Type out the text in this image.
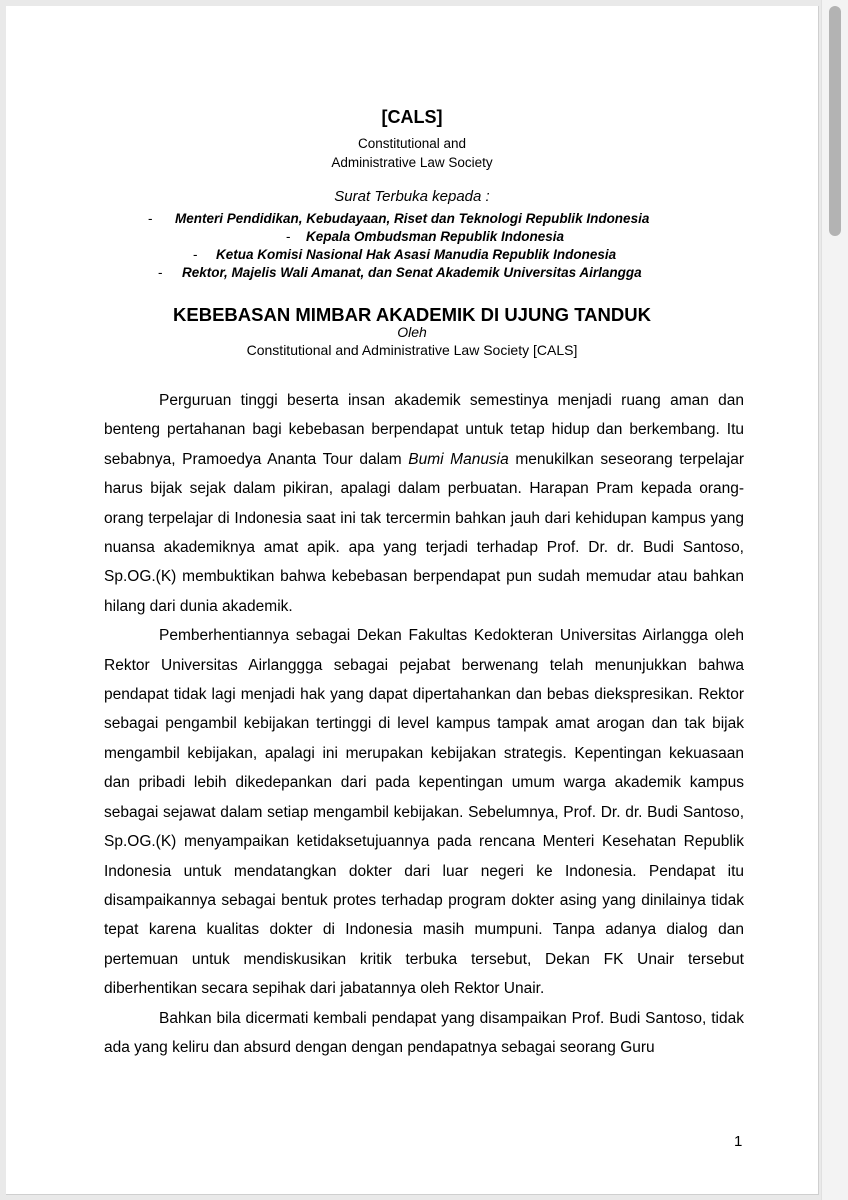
[CALS]
Constitutional and
Administrative Law Society
Surat Terbuka kepada :
- Menteri Pendidikan, Kebudayaan, Riset dan Teknologi Republik Indonesia
- Kepala Ombudsman Republik Indonesia
- Ketua Komisi Nasional Hak Asasi Manudia Republik Indonesia
- Rektor, Majelis Wali Amanat, dan Senat Akademik Universitas Airlangga
KEBEBASAN MIMBAR AKADEMIK DI UJUNG TANDUK
Oleh
Constitutional and Administrative Law Society [CALS]

Perguruan tinggi beserta insan akademik semestinya menjadi ruang aman dan benteng pertahanan bagi kebebasan berpendapat untuk tetap hidup dan berkembang. Itu sebabnya, Pramoedya Ananta Tour dalam Bumi Manusia menukilkan seseorang terpelajar harus bijak sejak dalam pikiran, apalagi dalam perbuatan. Harapan Pram kepada orang-orang terpelajar di Indonesia saat ini tak tercermin bahkan jauh dari kehidupan kampus yang nuansa akademiknya amat apik. apa yang terjadi terhadap Prof. Dr. dr. Budi Santoso, Sp.OG.(K) membuktikan bahwa kebebasan berpendapat pun sudah memudar atau bahkan hilang dari dunia akademik.

Pemberhentiannya sebagai Dekan Fakultas Kedokteran Universitas Airlangga oleh Rektor Universitas Airlanggga sebagai pejabat berwenang telah menunjukkan bahwa pendapat tidak lagi menjadi hak yang dapat dipertahankan dan bebas diekspresikan. Rektor sebagai pengambil kebijakan tertinggi di level kampus tampak amat arogan dan tak bijak mengambil kebijakan, apalagi ini merupakan kebijakan strategis. Kepentingan kekuasaan dan pribadi lebih dikedepankan dari pada kepentingan umum warga akademik kampus sebagai sejawat dalam setiap mengambil kebijakan. Sebelumnya, Prof. Dr. dr. Budi Santoso, Sp.OG.(K) menyampaikan ketidaksetujuannya pada rencana Menteri Kesehatan Republik Indonesia untuk mendatangkan dokter dari luar negeri ke Indonesia. Pendapat itu disampaikannya sebagai bentuk protes terhadap program dokter asing yang dinilainya tidak tepat karena kualitas dokter di Indonesia masih mumpuni. Tanpa adanya dialog dan pertemuan untuk mendiskusikan kritik terbuka tersebut, Dekan FK Unair tersebut diberhentikan secara sepihak dari jabatannya oleh Rektor Unair.

Bahkan bila dicermati kembali pendapat yang disampaikan Prof. Budi Santoso, tidak ada yang keliru dan absurd dengan dengan pendapatnya sebagai seorang Guru

1
